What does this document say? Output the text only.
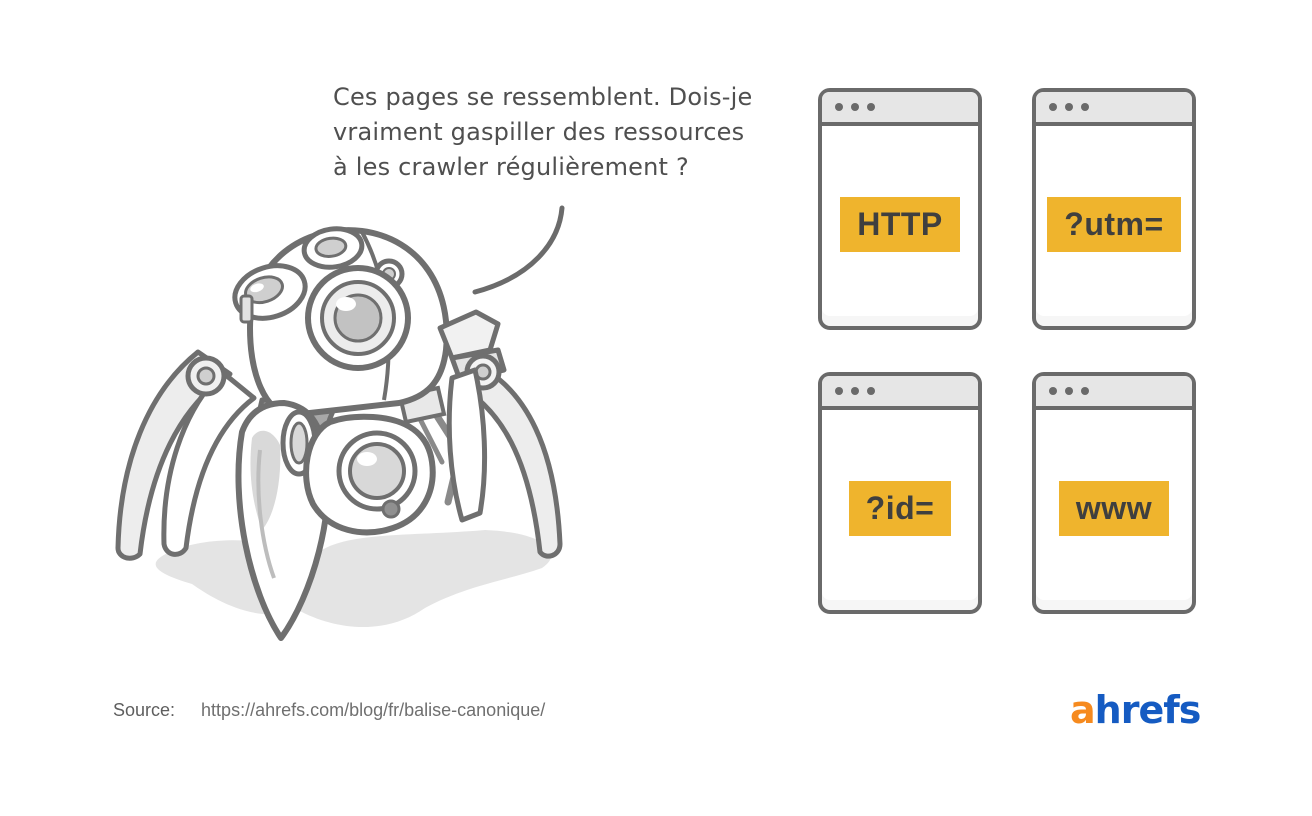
Ces pages se ressemblent. Dois-je
vraiment gaspiller des ressources
à les crawler régulièrement ?
HTTP	?utm=
?id=	www
Source: https://ahrefs.com/blog/fr/balise-canonique/	ahrefs
